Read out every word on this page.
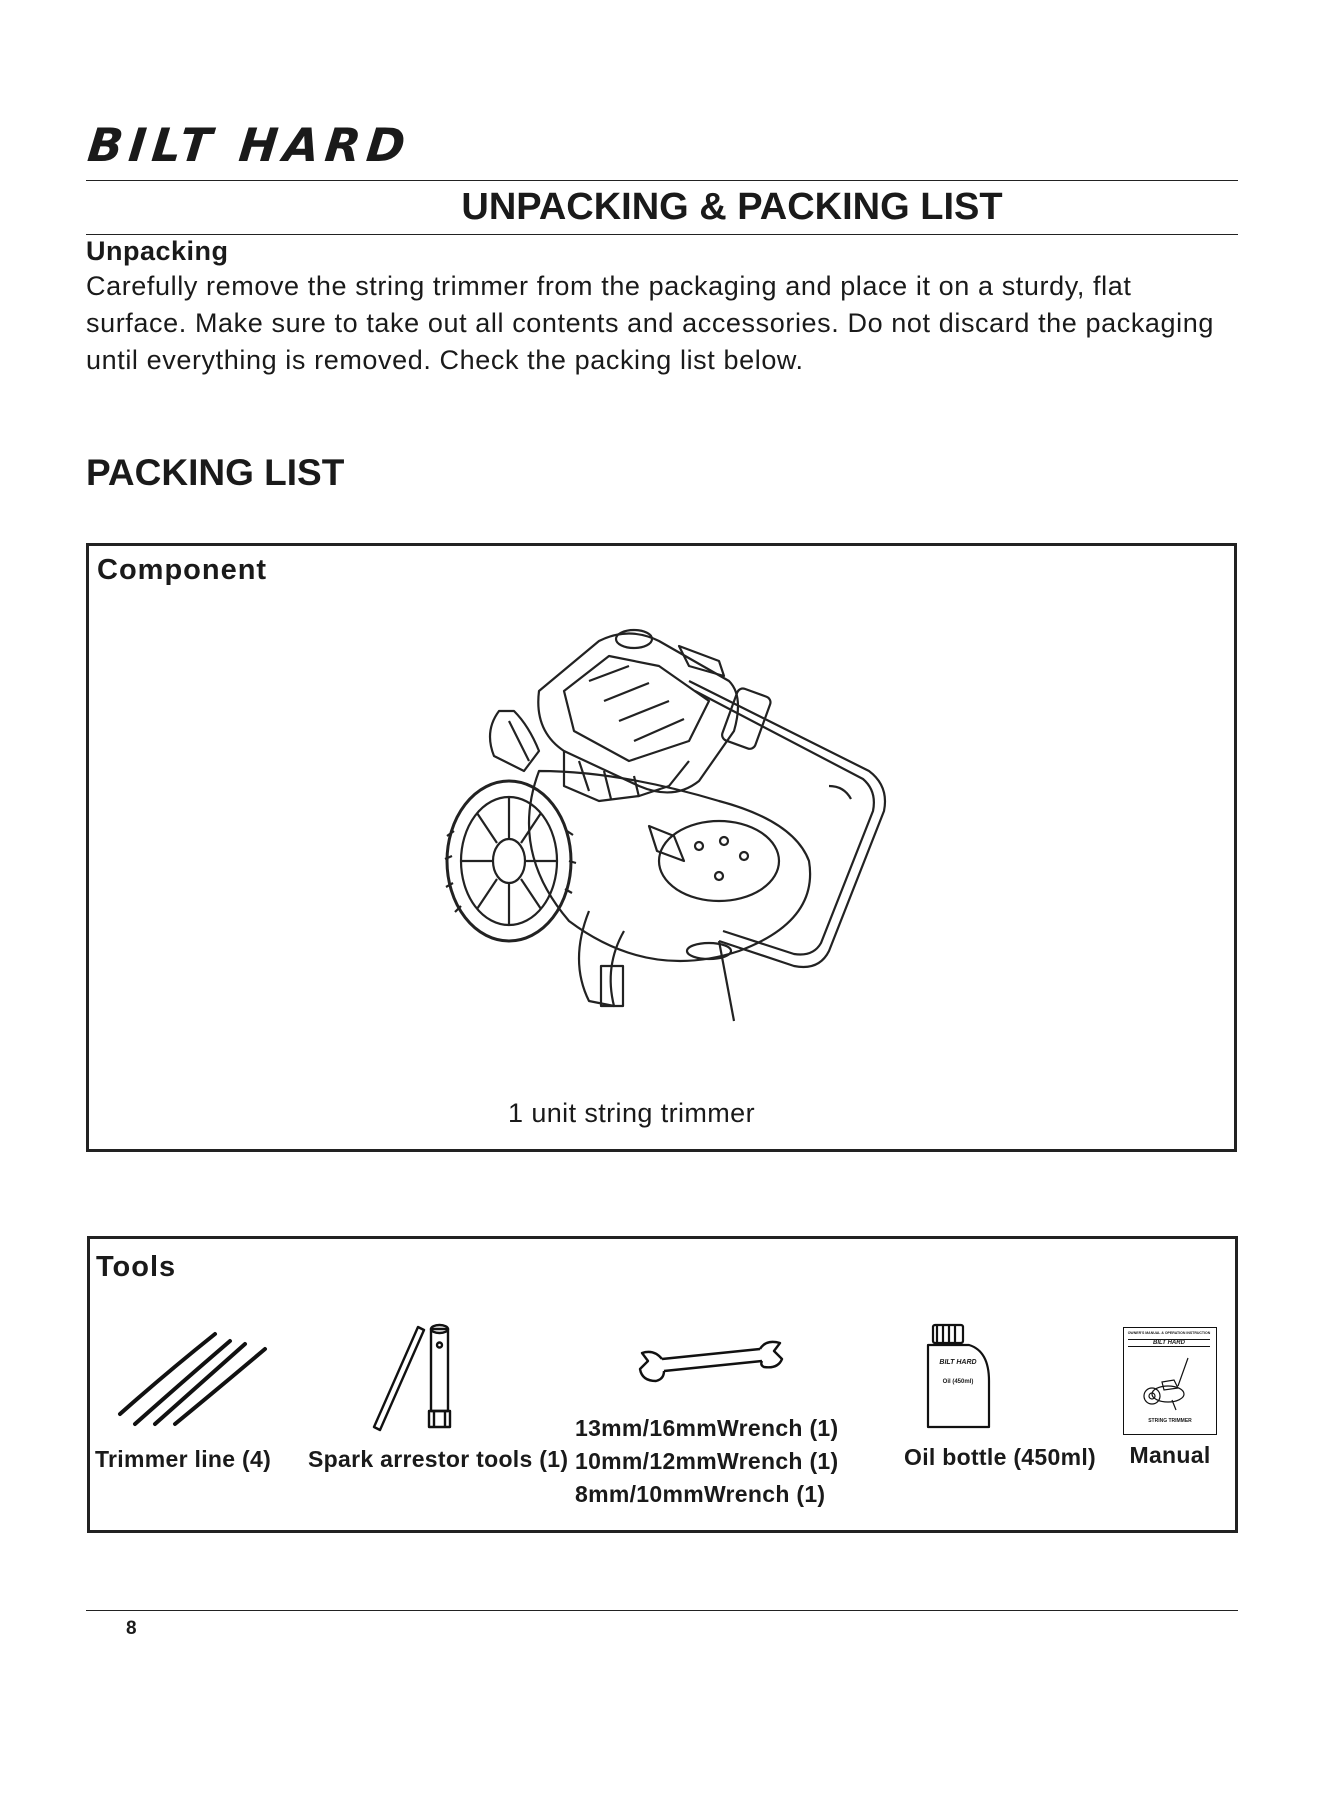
BILT HARD
UNPACKING & PACKING LIST
Unpacking
Carefully remove the string trimmer from the packaging and place it on a sturdy, flat
surface. Make sure to take out all contents and accessories. Do not discard the packaging
until everything is removed. Check the packing list below.
PACKING LIST
Component
1 unit string trimmer
Tools
Trimmer line (4)	Spark arrestor tools (1)
13mm/16mmWrench (1)
10mm/12mmWrench (1)
8mm/10mmWrench (1)
BILT HARD
Oil (450ml)
Oil bottle (450ml)
OWNER'S MANUAL & OPERATION INSTRUCTION
BILT HARD
STRING TRIMMER
Manual
8
